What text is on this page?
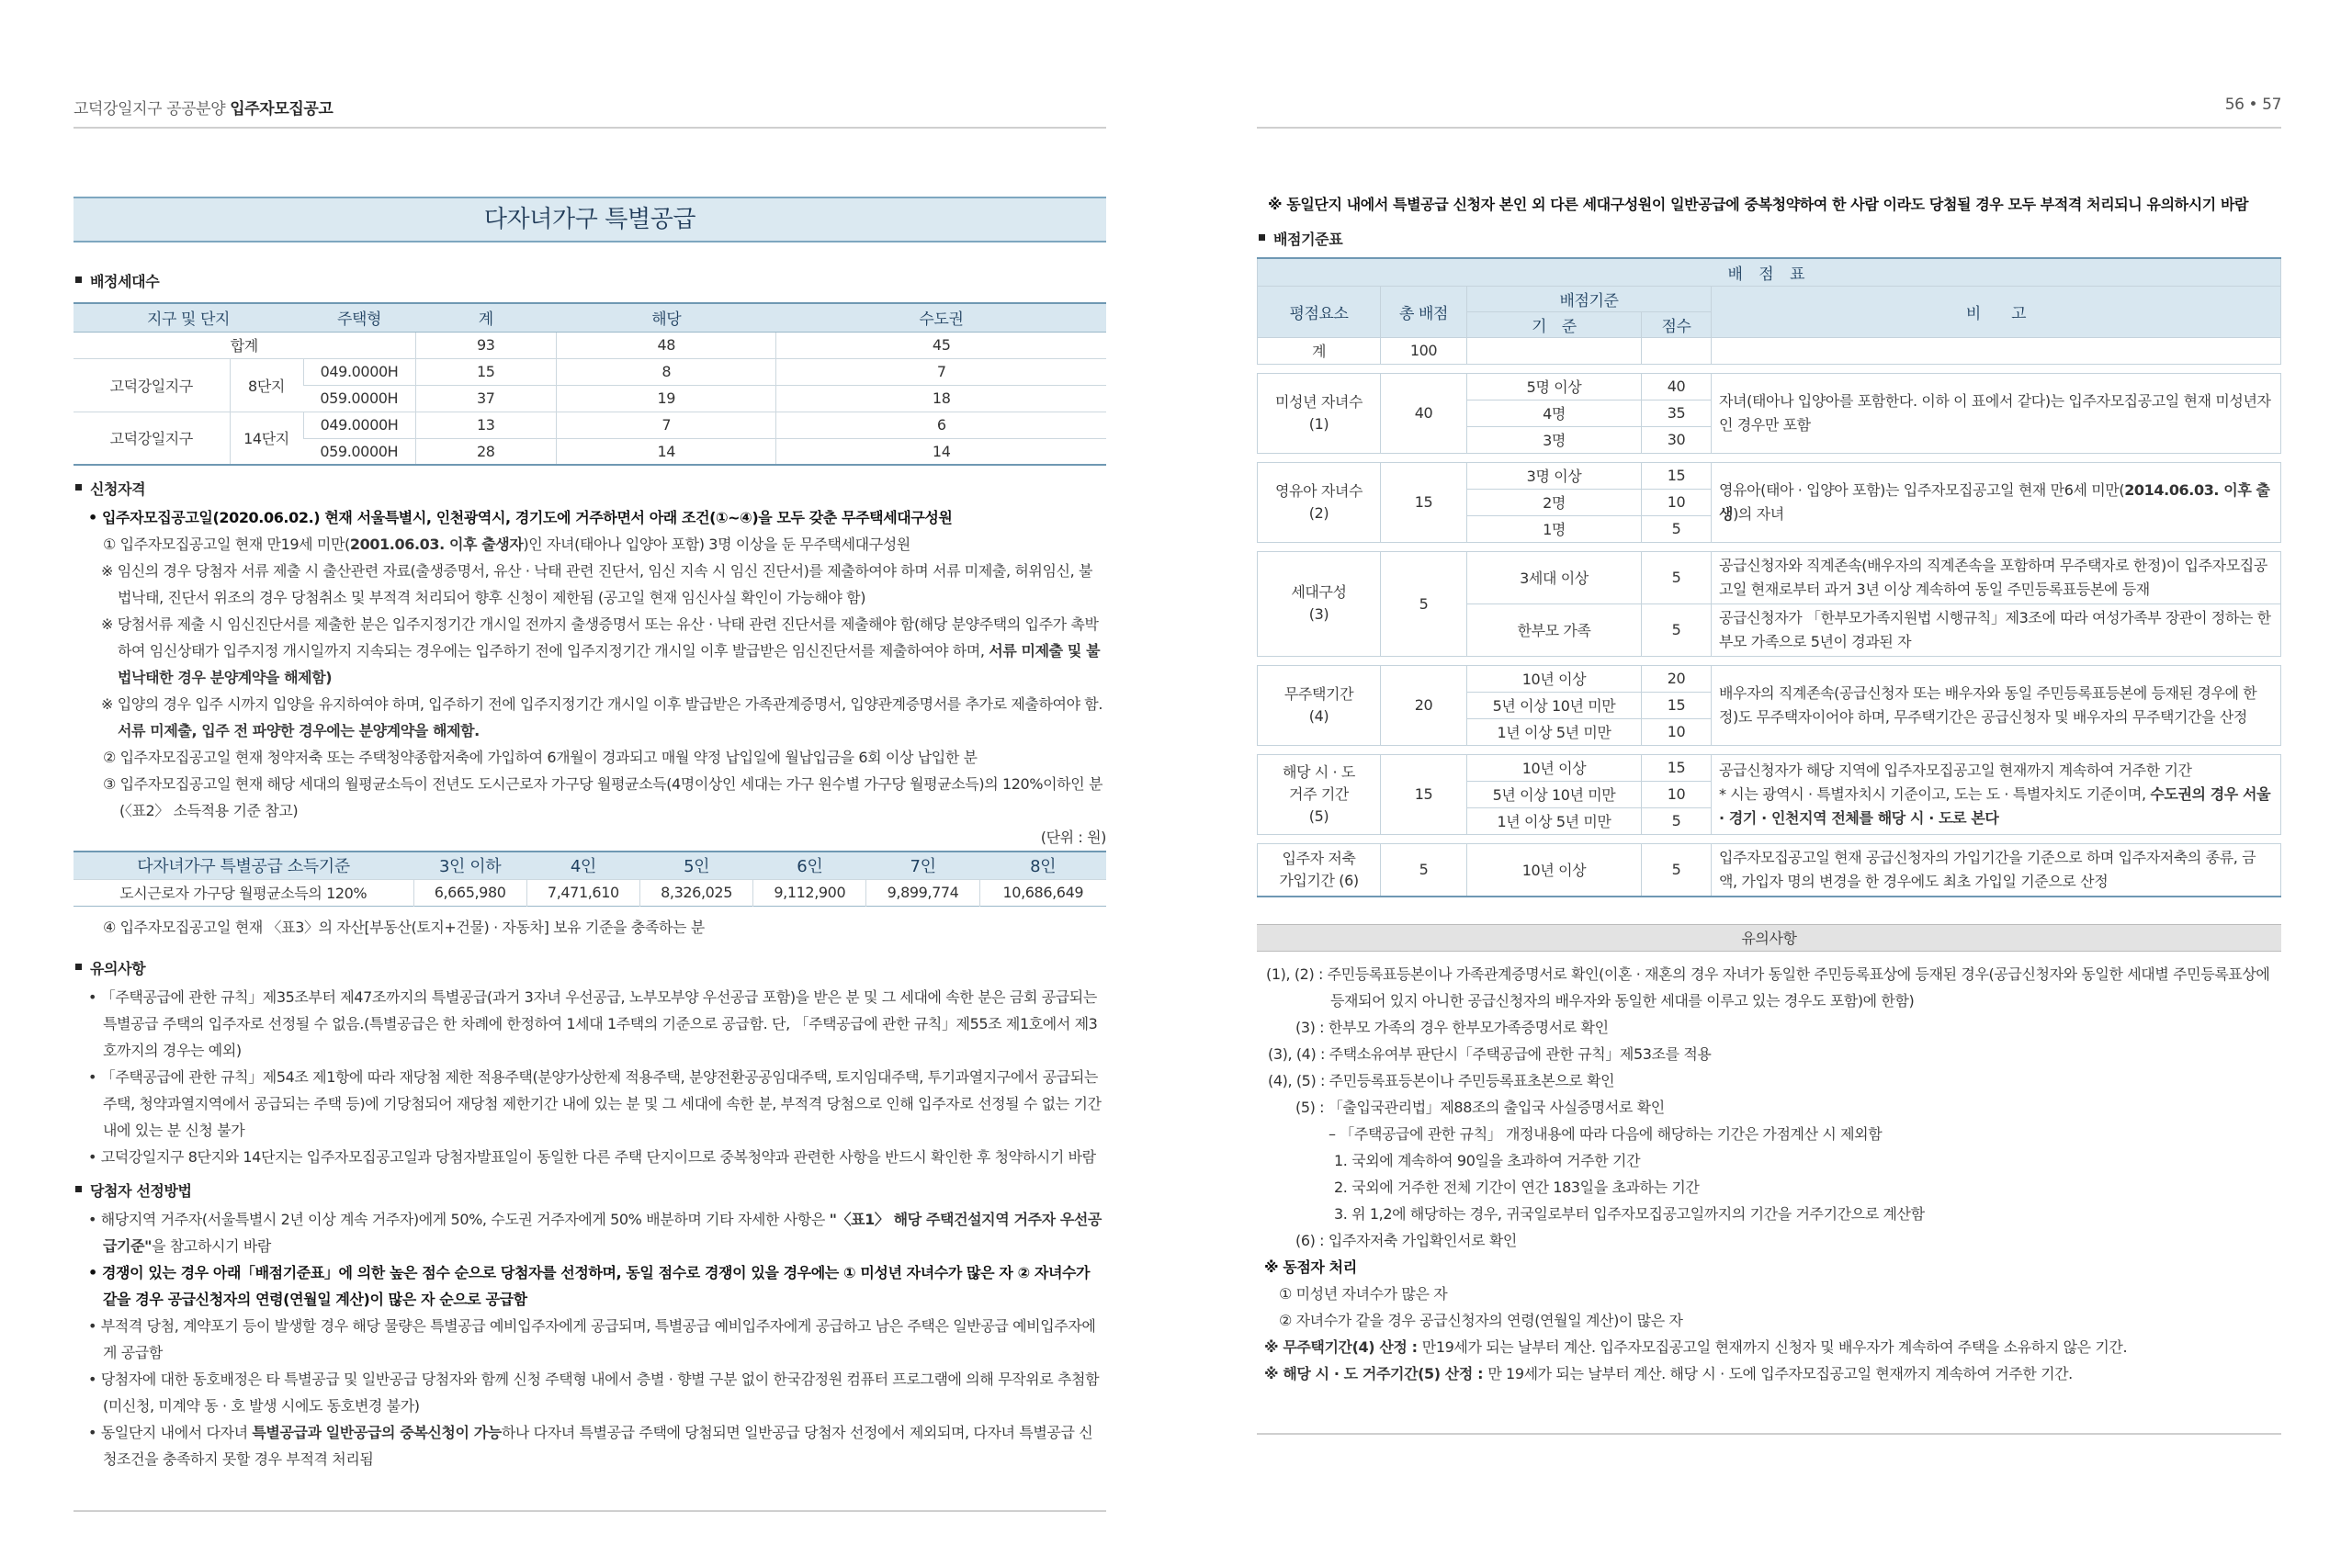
고덕강일지구 공공분양 입주자모집공고
다자녀가구 특별공급
배정세대수
지구 및 단지		주택형	계	해당	수도권
합계			93	48	45
고덕강일지구	8단지	049.0000H	15	8	7
		059.0000H	37	19	18
고덕강일지구	14단지	049.0000H	13	7	6
		059.0000H	28	14	14
신청자격
• 입주자모집공고일(2020.06.02.) 현재 서울특별시, 인천광역시, 경기도에 거주하면서 아래 조건(①~④)을 모두 갖춘 무주택세대구성원
① 입주자모집공고일 현재 만19세 미만(2001.06.03. 이후 출생자)인 자녀(태아나 입양아 포함) 3명 이상을 둔 무주택세대구성원
※ 임신의 경우 당첨자 서류 제출 시 출산관련 자료(출생증명서, 유산 · 낙태 관련 진단서, 임신 지속 시 임신 진단서)를 제출하여야 하며 서류 미제출, 허위임신, 불법낙태, 진단서 위조의 경우 당첨취소 및 부적격 처리되어 향후 신청이 제한됨 (공고일 현재 임신사실 확인이 가능해야 함)
※ 당첨서류 제출 시 임신진단서를 제출한 분은 입주지정기간 개시일 전까지 출생증명서 또는 유산 · 낙태 관련 진단서를 제출해야 함(해당 분양주택의 입주가 촉박하여 임신상태가 입주지정 개시일까지 지속되는 경우에는 입주하기 전에 입주지정기간 개시일 이후 발급받은 임신진단서를 제출하여야 하며, 서류 미제출 및 불법낙태한 경우 분양계약을 해제함)
※ 입양의 경우 입주 시까지 입양을 유지하여야 하며, 입주하기 전에 입주지정기간 개시일 이후 발급받은 가족관계증명서, 입양관계증명서를 추가로 제출하여야 함. 서류 미제출, 입주 전 파양한 경우에는 분양계약을 해제함.
② 입주자모집공고일 현재 청약저축 또는 주택청약종합저축에 가입하여 6개월이 경과되고 매월 약정 납입일에 월납입금을 6회 이상 납입한 분
③ 입주자모집공고일 현재 해당 세대의 월평균소득이 전년도 도시근로자 가구당 월평균소득(4명이상인 세대는 가구 원수별 가구당 월평균소득)의 120%이하인 분 (〈표2〉 소득적용 기준 참고)
(단위 : 원)
다자녀가구 특별공급 소득기준	3인 이하	4인	5인	6인	7인	8인
도시근로자 가구당 월평균소득의 120%	6,665,980	7,471,610	8,326,025	9,112,900	9,899,774	10,686,649
④ 입주자모집공고일 현재 〈표3〉의 자산[부동산(토지+건물) · 자동차] 보유 기준을 충족하는 분
유의사항
• 「주택공급에 관한 규칙」제35조부터 제47조까지의 특별공급(과거 3자녀 우선공급, 노부모부양 우선공급 포함)을 받은 분 및 그 세대에 속한 분은 금회 공급되는 특별공급 주택의 입주자로 선정될 수 없음.(특별공급은 한 차례에 한정하여 1세대 1주택의 기준으로 공급함. 단, 「주택공급에 관한 규칙」제55조 제1호에서 제3호까지의 경우는 예외)
• 「주택공급에 관한 규칙」제54조 제1항에 따라 재당첨 제한 적용주택(분양가상한제 적용주택, 분양전환공공임대주택, 토지임대주택, 투기과열지구에서 공급되는 주택, 청약과열지역에서 공급되는 주택 등)에 기당첨되어 재당첨 제한기간 내에 있는 분 및 그 세대에 속한 분, 부적격 당첨으로 인해 입주자로 선정될 수 없는 기간 내에 있는 분 신청 불가
• 고덕강일지구 8단지와 14단지는 입주자모집공고일과 당첨자발표일이 동일한 다른 주택 단지이므로 중복청약과 관련한 사항을 반드시 확인한 후 청약하시기 바람
당첨자 선정방법
• 해당지역 거주자(서울특별시 2년 이상 계속 거주자)에게 50%, 수도권 거주자에게 50% 배분하며 기타 자세한 사항은 "〈표1〉 해당 주택건설지역 거주자 우선공급기준"을 참고하시기 바람
• 경쟁이 있는 경우 아래「배점기준표」에 의한 높은 점수 순으로 당첨자를 선정하며, 동일 점수로 경쟁이 있을 경우에는 ① 미성년 자녀수가 많은 자 ② 자녀수가 같을 경우 공급신청자의 연령(연월일 계산)이 많은 자 순으로 공급함
• 부적격 당첨, 계약포기 등이 발생할 경우 해당 물량은 특별공급 예비입주자에게 공급되며, 특별공급 예비입주자에게 공급하고 남은 주택은 일반공급 예비입주자에게 공급함
• 당첨자에 대한 동호배정은 타 특별공급 및 일반공급 당첨자와 함께 신청 주택형 내에서 층별 · 향별 구분 없이 한국감정원 컴퓨터 프로그램에 의해 무작위로 추첨함(미신청, 미계약 동 · 호 발생 시에도 동호변경 불가)
• 동일단지 내에서 다자녀 특별공급과 일반공급의 중복신청이 가능하나 다자녀 특별공급 주택에 당첨되면 일반공급 당첨자 선정에서 제외되며, 다자녀 특별공급 신청조건을 충족하지 못할 경우 부적격 처리됨
56 • 57
※ 동일단지 내에서 특별공급 신청자 본인 외 다른 세대구성원이 일반공급에 중복청약하여 한 사람 이라도 당첨될 경우 모두 부적격 처리되니 유의하시기 바람
배점기준표
배 점 표				
평점요소	총 배점	배점기준		비　　고
		기　준	점수	
계	100			

미성년 자녀수
(1)	40	5명 이상	40	자녀(태아나 입양아를 포함한다. 이하 이 표에서 같다)는 입주자모집공고일 현재 미성년자인 경우만 포함
		4명	35	
		3명	30	

영유아 자녀수
(2)	15	3명 이상	15	영유아(태아 · 입양아 포함)는 입주자모집공고일 현재 만6세 미만(2014.06.03. 이후 출생)의 자녀
		2명	10	
		1명	5	

세대구성
(3)	5	3세대 이상	5	공급신청자와 직계존속(배우자의 직계존속을 포함하며 무주택자로 한정)이 입주자모집공고일 현재로부터 과거 3년 이상 계속하여 동일 주민등록표등본에 등재
		한부모 가족	5	공급신청자가 「한부모가족지원법 시행규칙」제3조에 따라 여성가족부 장관이 정하는 한부모 가족으로 5년이 경과된 자

무주택기간
(4)	20	10년 이상	20	배우자의 직계존속(공급신청자 또는 배우자와 동일 주민등록표등본에 등재된 경우에 한정)도 무주택자이어야 하며, 무주택기간은 공급신청자 및 배우자의 무주택기간을 산정
		5년 이상 10년 미만	15	
		1년 이상 5년 미만	10	

해당 시 · 도
거주 기간
(5)	15	10년 이상	15	공급신청자가 해당 지역에 입주자모집공고일 현재까지 계속하여 거주한 기간
* 시는 광역시 · 특별자치시 기준이고, 도는 도 · 특별자치도 기준이며, 수도권의 경우 서울 · 경기 · 인천지역 전체를 해당 시 · 도로 본다
		5년 이상 10년 미만	10	
		1년 이상 5년 미만	5	

입주자 저축
가입기간 (6)	5	10년 이상	5	입주자모집공고일 현재 공급신청자의 가입기간을 기준으로 하며 입주자저축의 종류, 금액, 가입자 명의 변경을 한 경우에도 최초 가입일 기준으로 산정
유의사항
(1), (2) : 주민등록표등본이나 가족관계증명서로 확인(이혼 · 재혼의 경우 자녀가 동일한 주민등록표상에 등재된 경우(공급신청자와 동일한 세대별 주민등록표상에 등재되어 있지 아니한 공급신청자의 배우자와 동일한 세대를 이루고 있는 경우도 포함)에 한함)
(3) : 한부모 가족의 경우 한부모가족증명서로 확인
(3), (4) : 주택소유여부 판단시「주택공급에 관한 규칙」제53조를 적용
(4), (5) : 주민등록표등본이나 주민등록표초본으로 확인
(5) : 「출입국관리법」제88조의 출입국 사실증명서로 확인
– 「주택공급에 관한 규칙」 개정내용에 따라 다음에 해당하는 기간은 가점계산 시 제외함
1. 국외에 계속하여 90일을 초과하여 거주한 기간
2. 국외에 거주한 전체 기간이 연간 183일을 초과하는 기간
3. 위 1,2에 해당하는 경우, 귀국일로부터 입주자모집공고일까지의 기간을 거주기간으로 계산함
(6) : 입주자저축 가입확인서로 확인
※ 동점자 처리
① 미성년 자녀수가 많은 자
② 자녀수가 같을 경우 공급신청자의 연령(연월일 계산)이 많은 자
※ 무주택기간(4) 산정 : 만19세가 되는 날부터 계산. 입주자모집공고일 현재까지 신청자 및 배우자가 계속하여 주택을 소유하지 않은 기간.
※ 해당 시 · 도 거주기간(5) 산정 : 만 19세가 되는 날부터 계산. 해당 시 · 도에 입주자모집공고일 현재까지 계속하여 거주한 기간.
